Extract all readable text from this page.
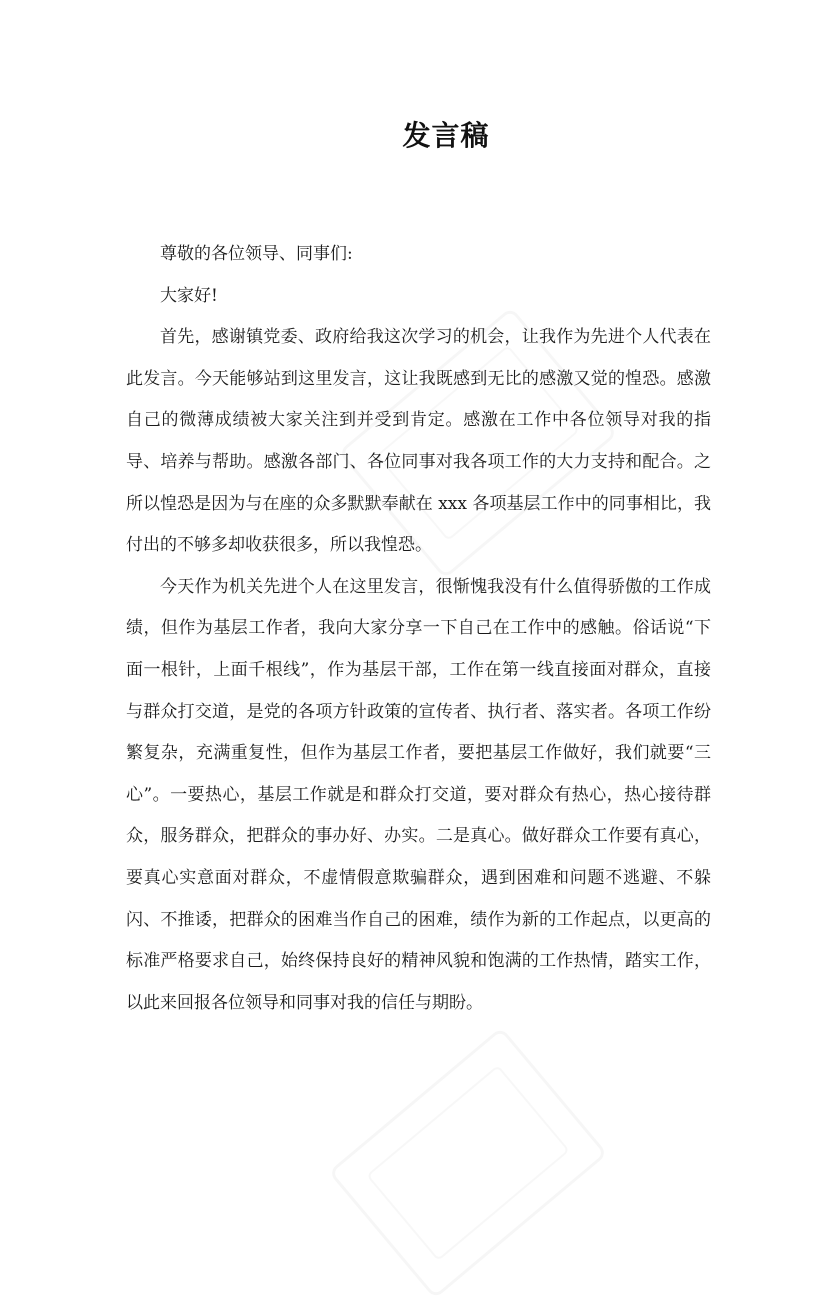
发言稿

尊敬的各位领导、同事们:

大家好!

首先，感谢镇党委、政府给我这次学习的机会，让我作为先进个人代表在此发言。今天能够站到这里发言，这让我既感到无比的感激又觉的惶恐。感激自己的微薄成绩被大家关注到并受到肯定。感激在工作中各位领导对我的指导、培养与帮助。感激各部门、各位同事对我各项工作的大力支持和配合。之所以惶恐是因为与在座的众多默默奉献在 xxx 各项基层工作中的同事相比，我付出的不够多却收获很多，所以我惶恐。

今天作为机关先进个人在这里发言，很惭愧我没有什么值得骄傲的工作成绩，但作为基层工作者，我向大家分享一下自己在工作中的感触。俗话说“下面一根针，上面千根线”，作为基层干部，工作在第一线直接面对群众，直接与群众打交道，是党的各项方针政策的宣传者、执行者、落实者。各项工作纷繁复杂，充满重复性，但作为基层工作者，要把基层工作做好，我们就要“三心”。一要热心，基层工作就是和群众打交道，要对群众有热心，热心接待群众，服务群众，把群众的事办好、办实。二是真心。做好群众工作要有真心，要真心实意面对群众，不虚情假意欺骗群众，遇到困难和问题不逃避、不躲闪、不推诿，把群众的困难当作自己的困难，绩作为新的工作起点，以更高的标准严格要求自己，始终保持良好的精神风貌和饱满的工作热情，踏实工作，以此来回报各位领导和同事对我的信任与期盼。
